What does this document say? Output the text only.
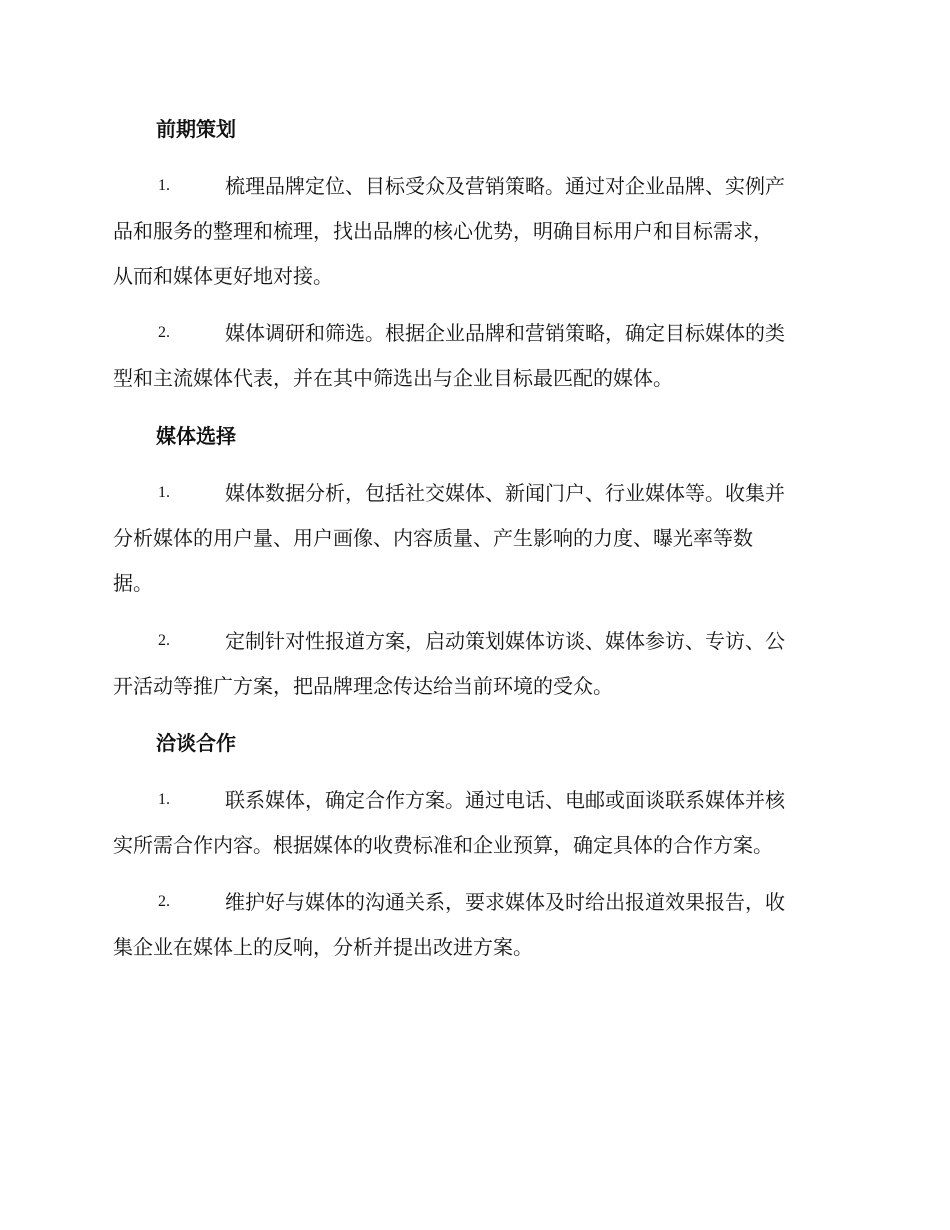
前期策划
1.	梳理品牌定位、目标受众及营销策略。通过对企业品牌、实例产
品和服务的整理和梳理，找出品牌的核心优势，明确目标用户和目标需求，
从而和媒体更好地对接。
2.	媒体调研和筛选。根据企业品牌和营销策略，确定目标媒体的类
型和主流媒体代表，并在其中筛选出与企业目标最匹配的媒体。
媒体选择
1.	媒体数据分析，包括社交媒体、新闻门户、行业媒体等。收集并
分析媒体的用户量、用户画像、内容质量、产生影响的力度、曝光率等数
据。
2.	定制针对性报道方案，启动策划媒体访谈、媒体参访、专访、公
开活动等推广方案，把品牌理念传达给当前环境的受众。
洽谈合作
1.	联系媒体，确定合作方案。通过电话、电邮或面谈联系媒体并核
实所需合作内容。根据媒体的收费标准和企业预算，确定具体的合作方案。
2.	维护好与媒体的沟通关系，要求媒体及时给出报道效果报告，收
集企业在媒体上的反响，分析并提出改进方案。
